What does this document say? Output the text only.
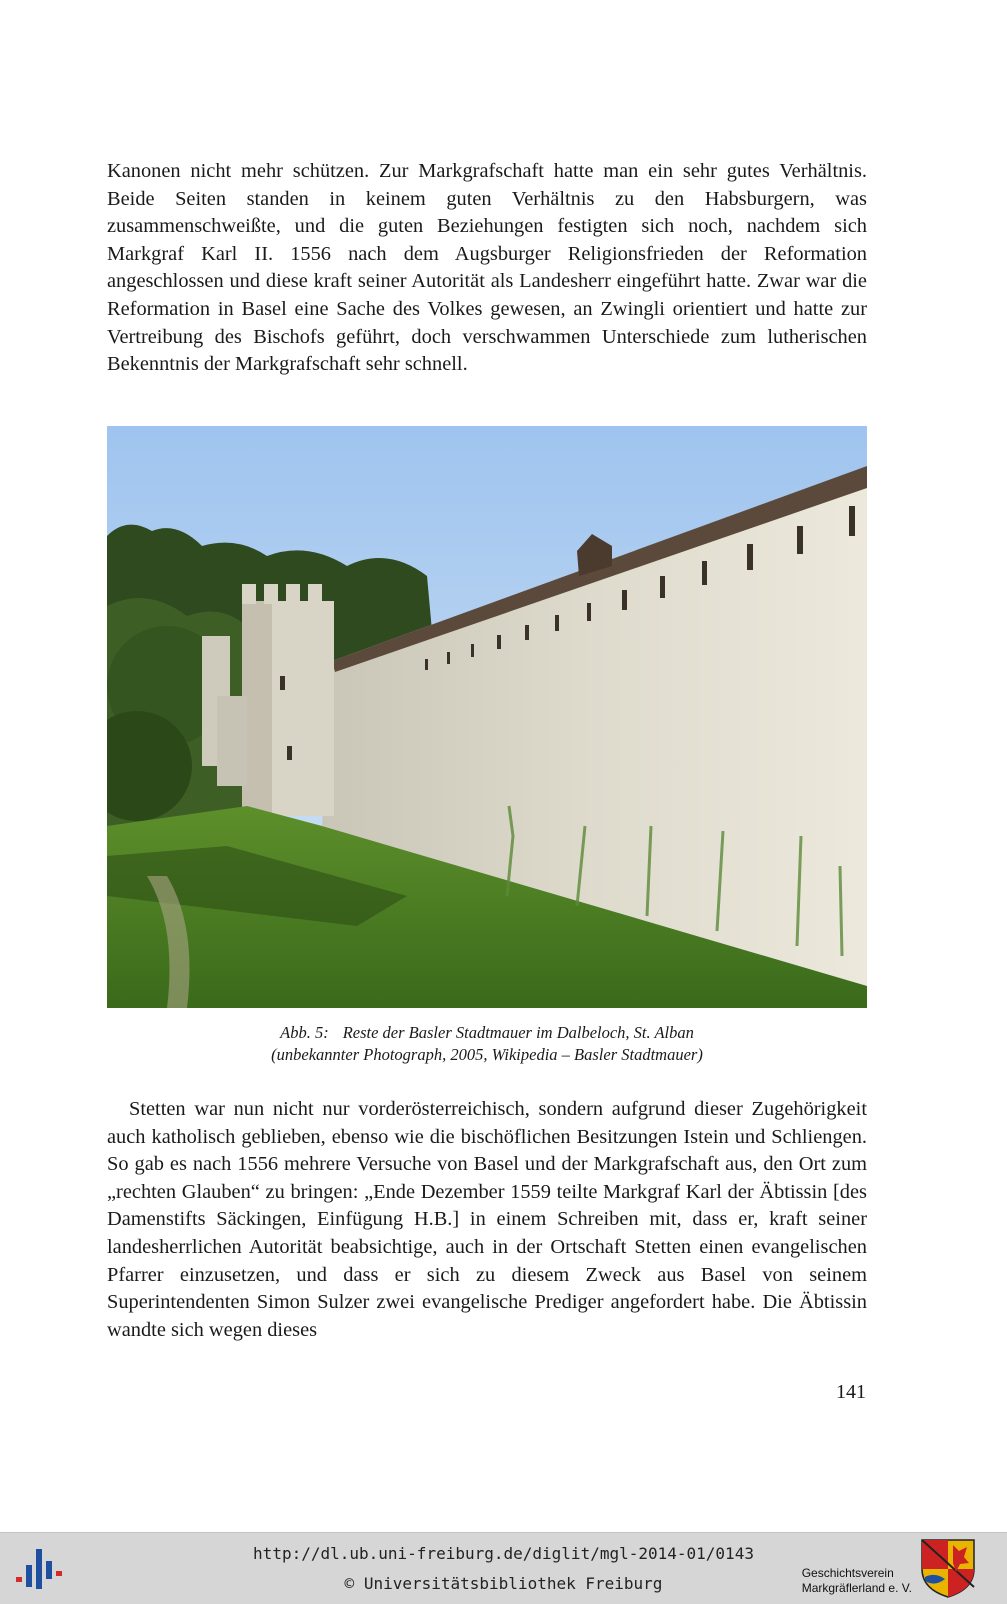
Kanonen nicht mehr schützen. Zur Markgrafschaft hatte man ein sehr gutes Verhältnis. Beide Seiten standen in keinem guten Verhältnis zu den Habsburgern, was zusammenschweißte, und die guten Beziehungen festigten sich noch, nachdem sich Markgraf Karl II. 1556 nach dem Augsburger Religionsfrieden der Reformation angeschlossen und diese kraft seiner Autorität als Landesherr eingeführt hatte. Zwar war die Reformation in Basel eine Sache des Volkes gewesen, an Zwingli orientiert und hatte zur Vertreibung des Bischofs geführt, doch verschwammen Unterschiede zum lutherischen Bekenntnis der Markgrafschaft sehr schnell.

Abb. 5: Reste der Basler Stadtmauer im Dalbeloch, St. Alban
(unbekannter Photograph, 2005, Wikipedia – Basler Stadtmauer)

Stetten war nun nicht nur vorderösterreichisch, sondern aufgrund dieser Zugehörigkeit auch katholisch geblieben, ebenso wie die bischöflichen Besitzungen Istein und Schliengen. So gab es nach 1556 mehrere Versuche von Basel und der Markgrafschaft aus, den Ort zum „rechten Glauben“ zu bringen: „Ende Dezember 1559 teilte Markgraf Karl der Äbtissin [des Damenstifts Säckingen, Einfügung H.B.] in einem Schreiben mit, dass er, kraft seiner landesherrlichen Autorität beabsichtige, auch in der Ortschaft Stetten einen evangelischen Pfarrer einzusetzen, und dass er sich zu diesem Zweck aus Basel von seinem Superintendenten Simon Sulzer zwei evangelische Prediger angefordert habe. Die Äbtissin wandte sich wegen dieses

141
http://dl.ub.uni-freiburg.de/diglit/mgl-2014-01/0143
© Universitätsbibliothek Freiburg
Geschichtsverein
Markgräflerland e. V.
